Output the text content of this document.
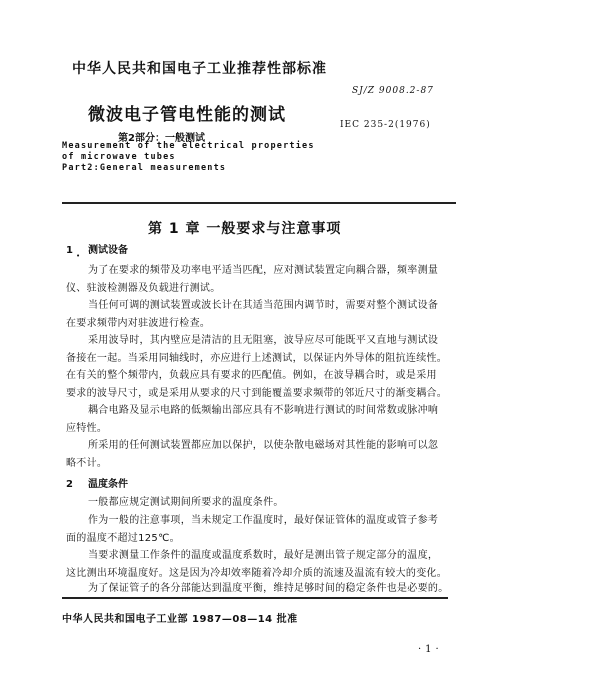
中华人民共和国电子工业推荐性部标准
SJ/Z 9008.2-87
微波电子管电性能的测试	IEC 235-2(1976)
第2部分：一般测试
Measurement of the electrical properties
of microwave tubes
Part2:General measurements
第 1 章 一般要求与注意事项
1 测试设备
•
为了在要求的频带及功率电平适当匹配，应对测试装置定向耦合器，频率测量
仪、驻波检测器及负载进行测试。
当任何可调的测试装置或波长计在其适当范围内调节时，需要对整个测试设备
在要求频带内对驻波进行检查。
采用波导时，其内壁应是清洁的且无阻塞，波导应尽可能既平又直地与测试设
备接在一起。当采用同轴线时，亦应进行上述测试，以保证内外导体的阻抗连续性。
在有关的整个频带内，负载应具有要求的匹配值。例如，在波导耦合时，或是采用
要求的波导尺寸，或是采用从要求的尺寸到能覆盖要求频带的邻近尺寸的渐变耦合。
耦合电路及显示电路的低频输出部应具有不影响进行测试的时间常数或脉冲响
应特性。
所采用的任何测试装置都应加以保护，以使杂散电磁场对其性能的影响可以忽
略不计。
2 温度条件
一般都应规定测试期间所要求的温度条件。
作为一般的注意事项，当未规定工作温度时，最好保证管体的温度或管子参考
面的温度不超过125℃。
当要求测量工作条件的温度或温度系数时，最好是测出管子规定部分的温度，
这比测出环境温度好。这是因为冷却效率随着冷却介质的流速及温流有较大的变化。
为了保证管子的各分部能达到温度平衡，维持足够时间的稳定条件也是必要的。
中华人民共和国电子工业部 1987—08—14 批准
·1·
